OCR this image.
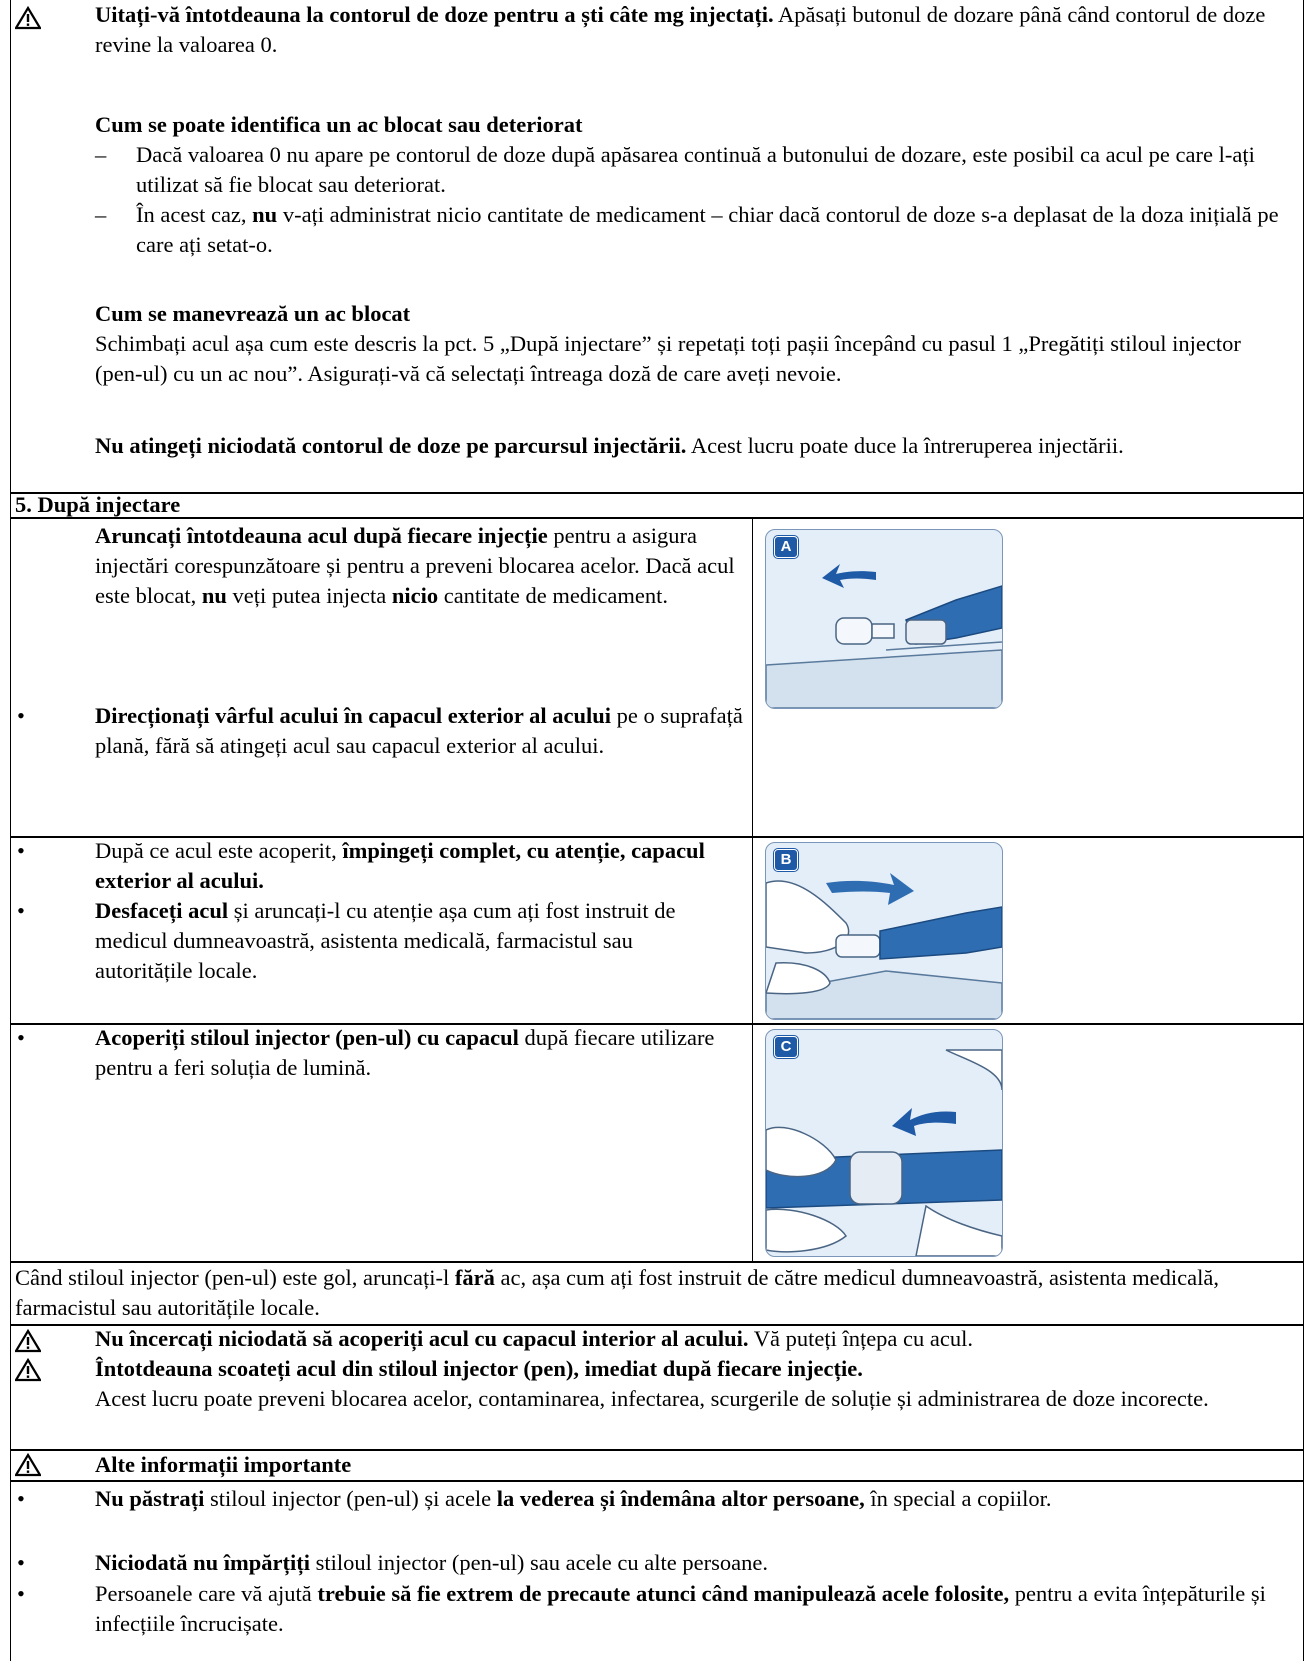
Uitați-vă întotdeauna la contorul de doze pentru a ști câte mg injectați. Apăsați butonul de dozare până când contorul de doze revine la valoarea 0.

Cum se poate identifica un ac blocat sau deteriorat

– Dacă valoarea 0 nu apare pe contorul de doze după apăsarea continuă a butonului de dozare, este posibil ca acul pe care l-ați utilizat să fie blocat sau deteriorat.
– În acest caz, nu v-ați administrat nicio cantitate de medicament – chiar dacă contorul de doze s-a deplasat de la doza inițială pe care ați setat-o.

Cum se manevrează un ac blocat

Schimbați acul așa cum este descris la pct. 5 „După injectare” și repetați toți pașii începând cu pasul 1 „Pregătiți stiloul injector (pen-ul) cu un ac nou”. Asigurați-vă că selectați întreaga doză de care aveți nevoie.

Nu atingeți niciodată contorul de doze pe parcursul injectării. Acest lucru poate duce la întreruperea injectării.

5. După injectare

Aruncați întotdeauna acul după fiecare injecție pentru a asigura injectări corespunzătoare și pentru a preveni blocarea acelor. Dacă acul este blocat, nu veți putea injecta nicio cantitate de medicament.

•	Direcționați vârful acului în capacul exterior al acului pe o suprafață plană, fără să atingeți acul sau capacul exterior al acului.

A
•	După ce acul este acoperit, împingeți complet, cu atenție, capacul exterior al acului.

•	Desfaceți acul și aruncați-l cu atenție așa cum ați fost instruit de medicul dumneavoastră, asistenta medicală, farmacistul sau autoritățile locale.

B
•	Acoperiți stiloul injector (pen-ul) cu capacul după fiecare utilizare pentru a feri soluția de lumină.

C

Când stiloul injector (pen-ul) este gol, aruncați-l fără ac, așa cum ați fost instruit de către medicul dumneavoastră, asistenta medicală, farmacistul sau autoritățile locale.

Nu încercați niciodată să acoperiți acul cu capacul interior al acului. Vă puteți înțepa cu acul.

Întotdeauna scoateți acul din stiloul injector (pen), imediat după fiecare injecție.

Acest lucru poate preveni blocarea acelor, contaminarea, infectarea, scurgerile de soluție și administrarea de doze incorecte.

Alte informații importante

•	Nu păstrați stiloul injector (pen-ul) și acele la vederea și îndemâna altor persoane, în special a copiilor.

•	Niciodată nu împărțiți stiloul injector (pen-ul) sau acele cu alte persoane.

•	Persoanele care vă ajută trebuie să fie extrem de precaute atunci când manipulează acele folosite, pentru a evita înțepăturile și infecțiile încrucișate.
